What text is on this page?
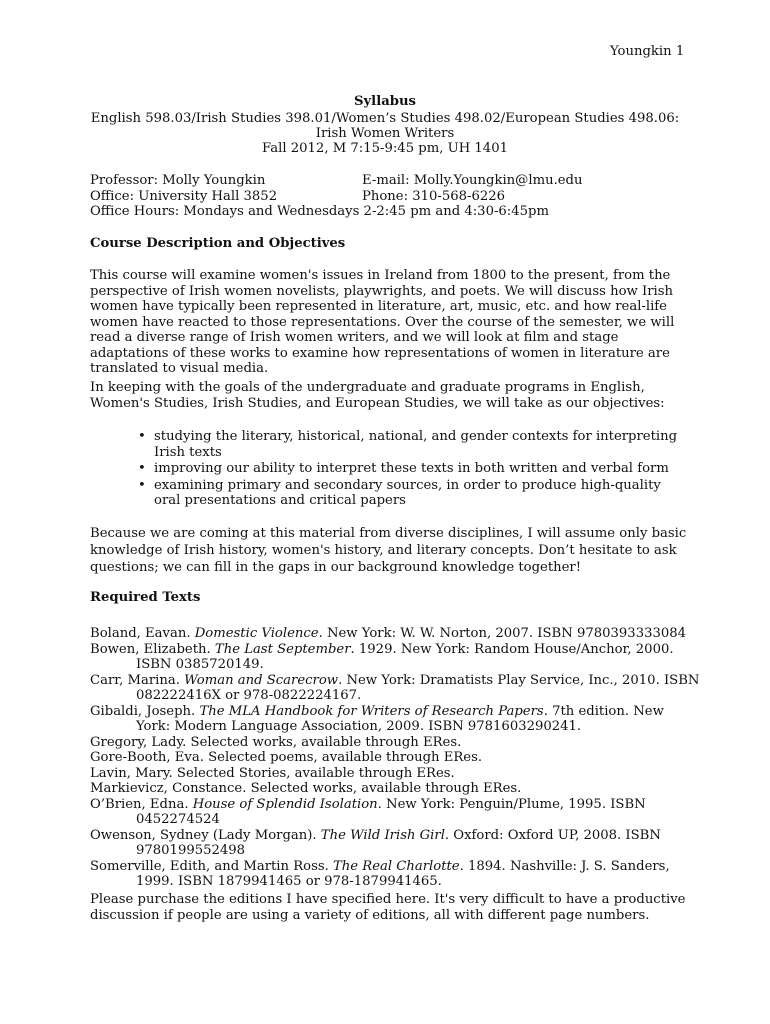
Youngkin 1
Syllabus
English 598.03/Irish Studies 398.01/Women’s Studies 498.02/European Studies 498.06:
Irish Women Writers
Fall 2012, M 7:15-9:45 pm, UH 1401
Professor: Molly Youngkin	E-mail: Molly.Youngkin@lmu.edu
Office: University Hall 3852	Phone: 310-568-6226
Office Hours: Mondays and Wednesdays 2-2:45 pm and 4:30-6:45pm
Course Description and Objectives

This course will examine women's issues in Ireland from 1800 to the present, from the perspective of Irish women novelists, playwrights, and poets. We will discuss how Irish women have typically been represented in literature, art, music, etc. and how real-life women have reacted to those representations. Over the course of the semester, we will read a diverse range of Irish women writers, and we will look at film and stage adaptations of these works to examine how representations of women in literature are translated to visual media.

In keeping with the goals of the undergraduate and graduate programs in English, Women's Studies, Irish Studies, and European Studies, we will take as our objectives:

• studying the literary, historical, national, and gender contexts for interpreting Irish texts
• improving our ability to interpret these texts in both written and verbal form
• examining primary and secondary sources, in order to produce high-quality oral presentations and critical papers

Because we are coming at this material from diverse disciplines, I will assume only basic knowledge of Irish history, women's history, and literary concepts. Don’t hesitate to ask questions; we can fill in the gaps in our background knowledge together!

Required Texts
Boland, Eavan. Domestic Violence. New York: W. W. Norton, 2007. ISBN 9780393333084
Bowen, Elizabeth. The Last September. 1929. New York: Random House/Anchor, 2000. ISBN 0385720149.
Carr, Marina. Woman and Scarecrow. New York: Dramatists Play Service, Inc., 2010. ISBN 082222416X or 978-0822224167.
Gibaldi, Joseph. The MLA Handbook for Writers of Research Papers. 7th edition. New York: Modern Language Association, 2009. ISBN 9781603290241.
Gregory, Lady. Selected works, available through ERes.
Gore-Booth, Eva. Selected poems, available through ERes.
Lavin, Mary. Selected Stories, available through ERes.
Markievicz, Constance. Selected works, available through ERes.
O’Brien, Edna. House of Splendid Isolation. New York: Penguin/Plume, 1995. ISBN 0452274524
Owenson, Sydney (Lady Morgan). The Wild Irish Girl. Oxford: Oxford UP, 2008. ISBN 9780199552498
Somerville, Edith, and Martin Ross. The Real Charlotte. 1894. Nashville: J. S. Sanders, 1999. ISBN 1879941465 or 978-1879941465.

Please purchase the editions I have specified here. It's very difficult to have a productive discussion if people are using a variety of editions, all with different page numbers.
